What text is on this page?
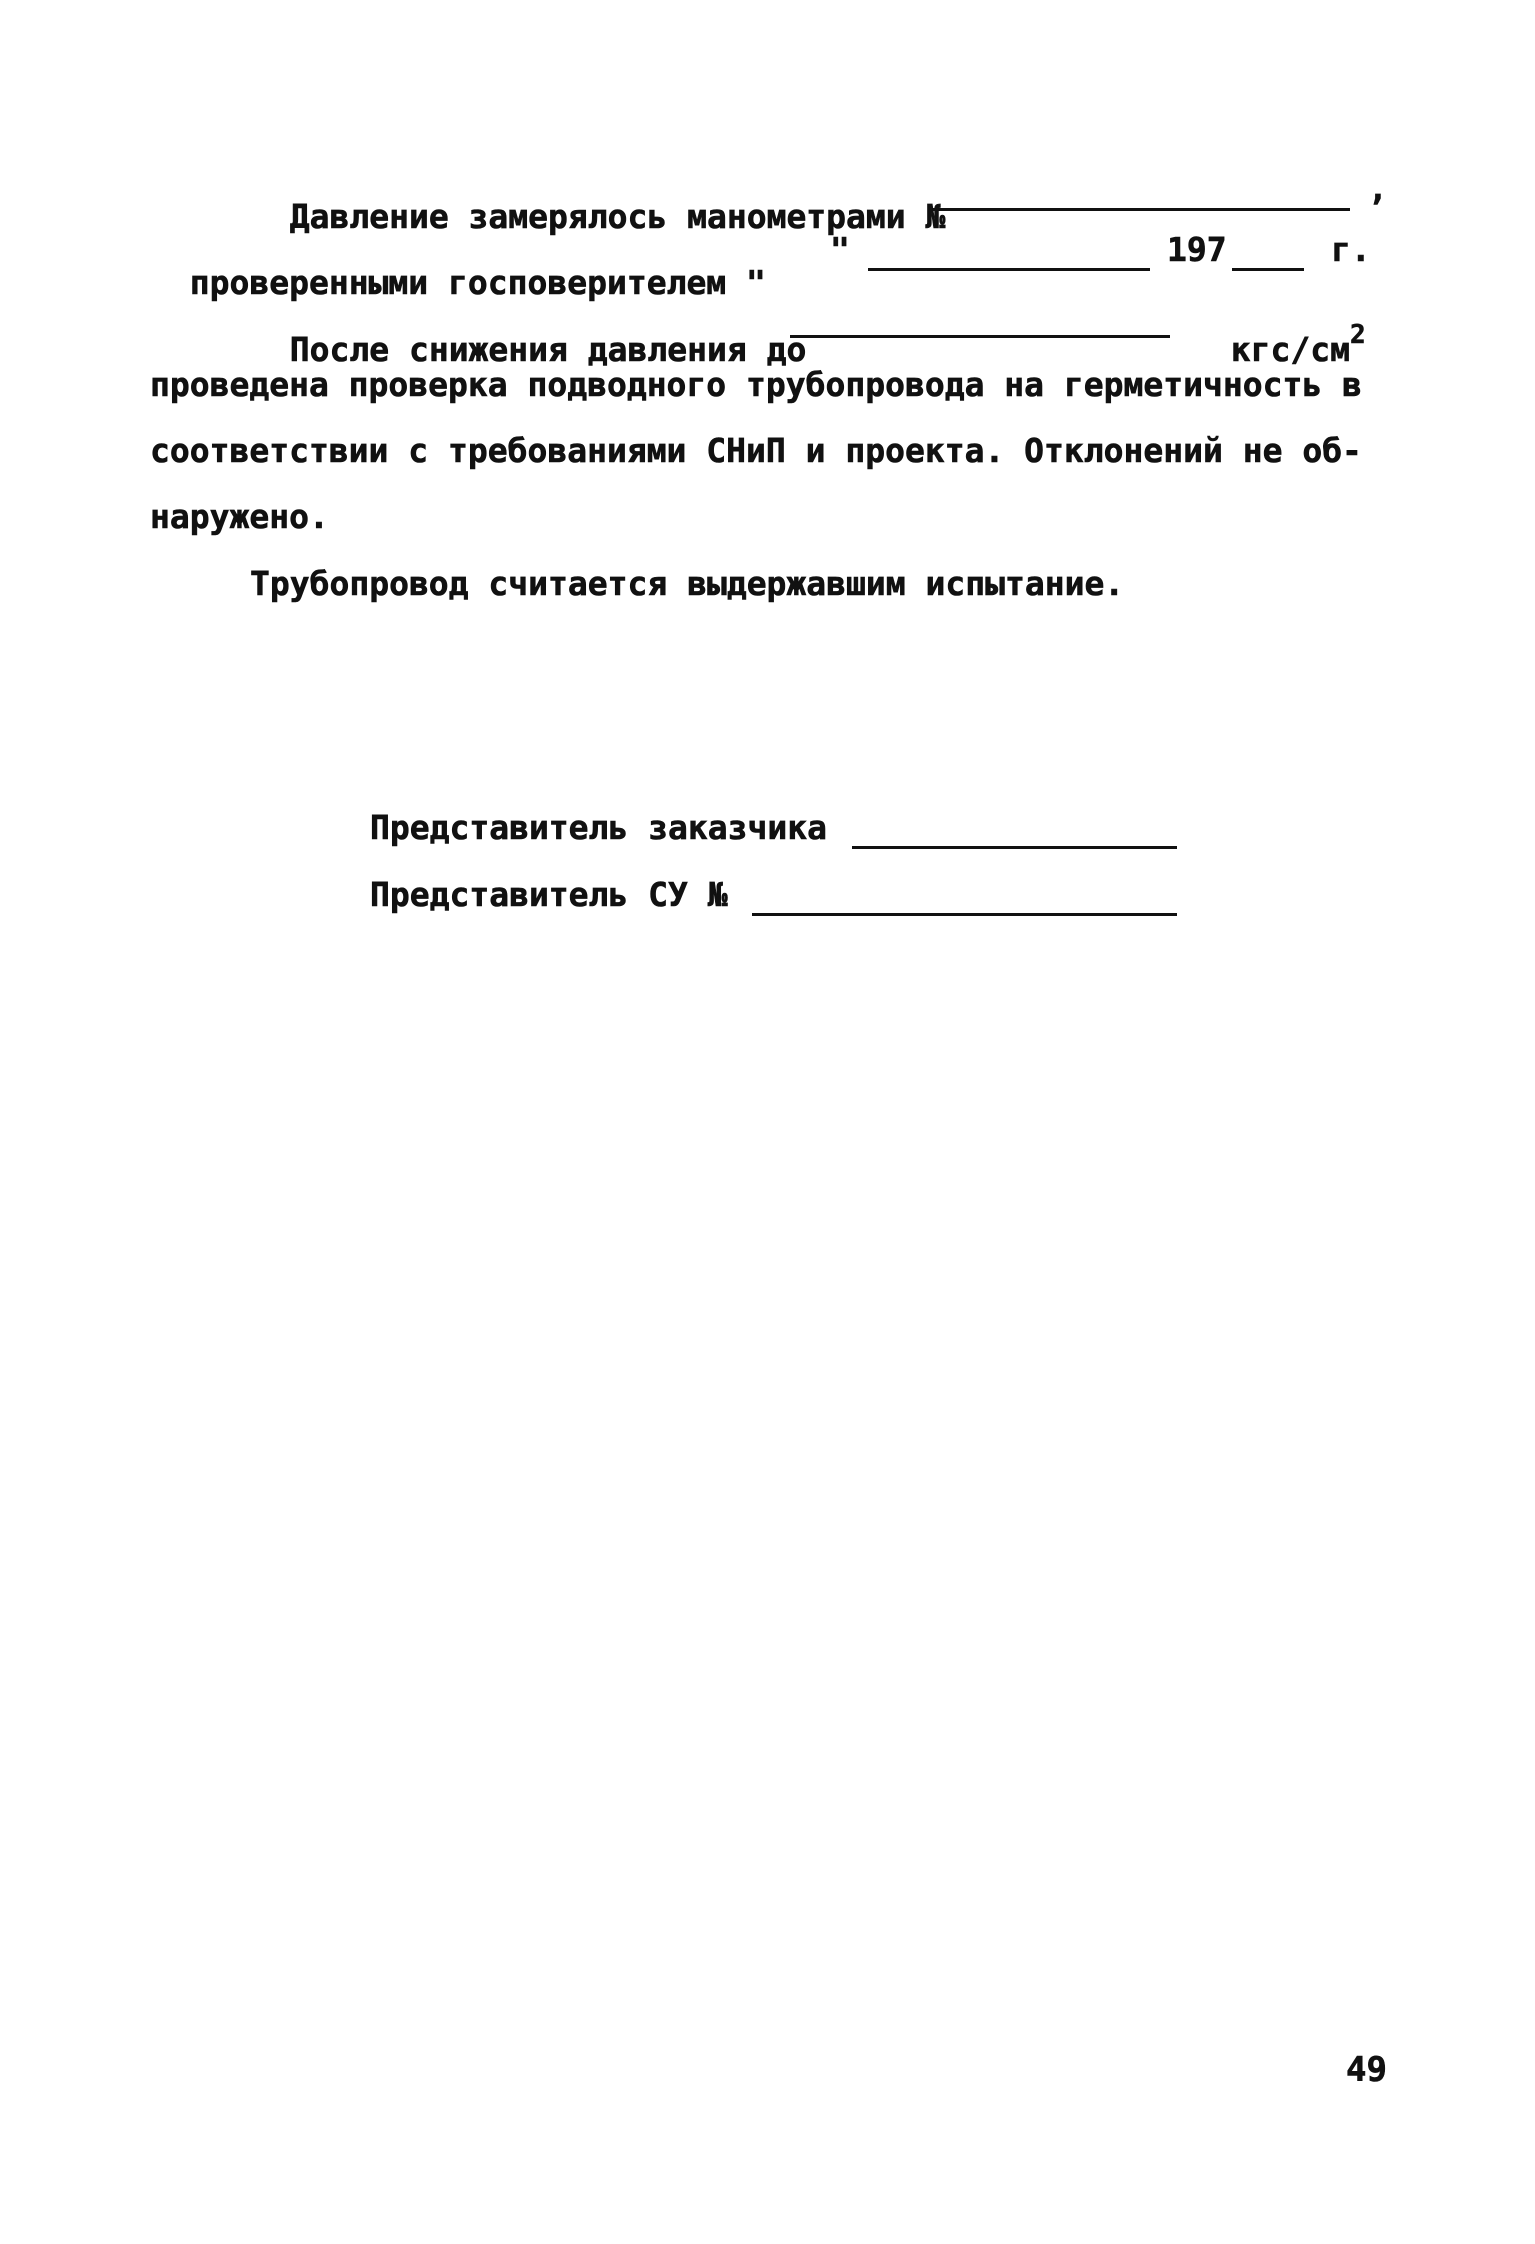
Давление замерялось манометрами №

,

проверенными госповерителем "

"	197	г.

После снижения давления до	кгс/$см^2$

проведена проверка подводного трубопровода на герметичность в
соответствии с требованиями СНиП и проекта. Отклонений не об-
наружено.
Трубопровод считается выдержавшим испытание.
Представитель заказчика
Представитель СУ №
49
